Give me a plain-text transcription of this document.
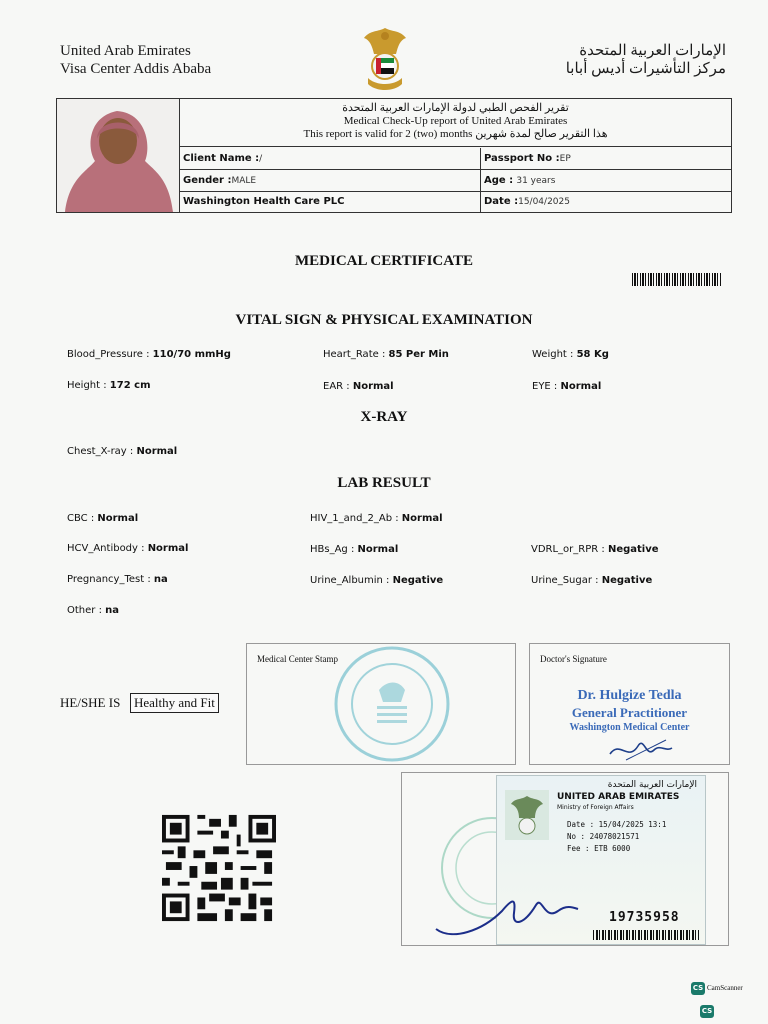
United Arab Emirates
Visa Center Addis Ababa
الإمارات العربية المتحدة
مركز التأشيرات أديس أبابا
تقرير الفحص الطبي لدولة الإمارات العربية المتحدة
Medical Check-Up report of United Arab Emirates
This report is valid for 2 (two) months هذا التقرير صالح لمدة شهرين
Client Name :/	Passport No :EP
Gender :MALE	Age : 31 years
Washington Health Care PLC	Date :15/04/2025
MEDICAL CERTIFICATE
VITAL SIGN & PHYSICAL EXAMINATION
Blood_Pressure : 110/70 mmHg	Heart_Rate : 85 Per Min	Weight : 58 Kg
Height : 172 cm	EAR : Normal	EYE : Normal
X-RAY
Chest_X-ray : Normal
LAB RESULT
CBC : Normal	HIV_1_and_2_Ab : Normal
HCV_Antibody : Normal	HBs_Ag : Normal	VDRL_or_RPR : Negative
Pregnancy_Test : na	Urine_Albumin : Negative	Urine_Sugar : Negative
Other : na
Medical Center Stamp	Doctor's Signature
Dr. Hulgize Tedla
General Practitioner
Washington Medical Center
HE/SHE IS	Healthy and Fit
الإمارات العربية المتحدة
UNITED ARAB EMIRATES
Ministry of Foreign Affairs
Date : 15/04/2025 13:1
No : 24078021571
Fee : ETB 6000
19735958
CS CamScanner
CS
